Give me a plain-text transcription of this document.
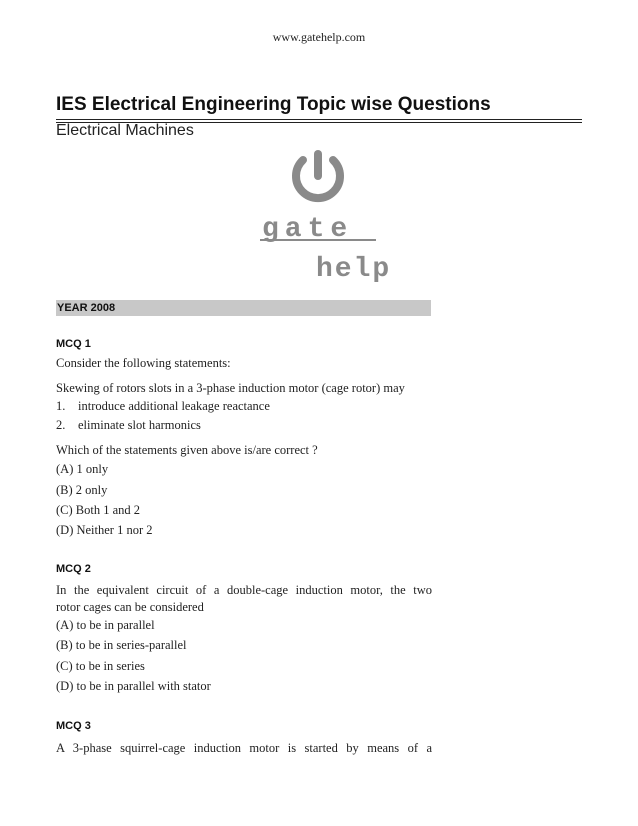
www.gatehelp.com
IES Electrical Engineering Topic wise Questions
Electrical Machines
gate
help
YEAR 2008
MCQ 1
Consider the following statements:
Skewing of rotors slots in a 3-phase induction motor (cage rotor) may
1. introduce additional leakage reactance
2. eliminate slot harmonics
Which of the statements given above is/are correct ?
(A) 1 only
(B) 2 only
(C) Both 1 and 2
(D) Neither 1 nor 2
MCQ 2
In the equivalent circuit of a double-cage induction motor, the two
rotor cages can be considered
(A) to be in parallel
(B) to be in series-parallel
(C) to be in series
(D) to be in parallel with stator
MCQ 3
A 3-phase squirrel-cage induction motor is started by means of a
